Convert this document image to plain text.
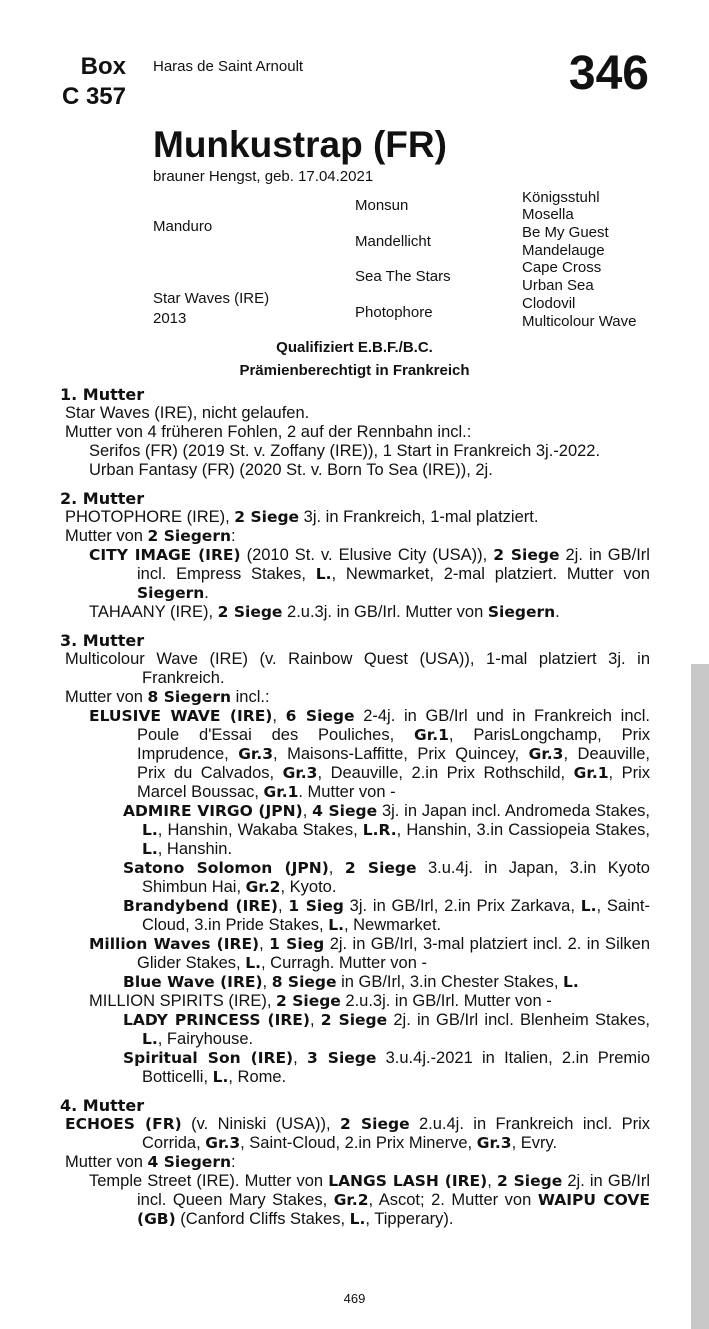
Box
C 357
Haras de Saint Arnoult	346
Munkustrap (FR)
brauner Hengst, geb. 17.04.2021
Manduro
Star Waves (IRE)
2013
Monsun
Mandellicht
Sea The Stars
Photophore
Königsstuhl
Mosella
Be My Guest
Mandelauge
Cape Cross
Urban Sea
Clodovil
Multicolour Wave
Qualifiziert E.B.F./B.C.
Prämienberechtigt in Frankreich
1. Mutter

Star Waves (IRE), nicht gelaufen.

Mutter von 4 früheren Fohlen, 2 auf der Rennbahn incl.:

Serifos (FR) (2019 St. v. Zoffany (IRE)), 1 Start in Frankreich 3j.-2022.

Urban Fantasy (FR) (2020 St. v. Born To Sea (IRE)), 2j.

2. Mutter

PHOTOPHORE (IRE), 2 Siege 3j. in Frankreich, 1-mal platziert.

Mutter von 2 Siegern:

CITY IMAGE (IRE) (2010 St. v. Elusive City (USA)), 2 Siege 2j. in GB/Irl incl. Empress Stakes, L., Newmarket, 2-mal platziert. Mutter von Siegern.

TAHAANY (IRE), 2 Siege 2.u.3j. in GB/Irl. Mutter von Siegern.

3. Mutter

Multicolour Wave (IRE) (v. Rainbow Quest (USA)), 1-mal platziert 3j. in Frankreich.

Mutter von 8 Siegern incl.:

ELUSIVE WAVE (IRE), 6 Siege 2-4j. in GB/Irl und in Frankreich incl. Poule d'Essai des Pouliches, Gr.1, ParisLongchamp, Prix Imprudence, Gr.3, Maisons-Laffitte, Prix Quincey, Gr.3, Deauville, Prix du Calvados, Gr.3, Deauville, 2.in Prix Rothschild, Gr.1, Prix Marcel Boussac, Gr.1. Mutter von -

ADMIRE VIRGO (JPN), 4 Siege 3j. in Japan incl. Andromeda Stakes, L., Hanshin, Wakaba Stakes, L.R., Hanshin, 3.in Cassiopeia Stakes, L., Hanshin.

Satono Solomon (JPN), 2 Siege 3.u.4j. in Japan, 3.in Kyoto Shimbun Hai, Gr.2, Kyoto.

Brandybend (IRE), 1 Sieg 3j. in GB/Irl, 2.in Prix Zarkava, L., Saint-Cloud, 3.in Pride Stakes, L., Newmarket.

Million Waves (IRE), 1 Sieg 2j. in GB/Irl, 3-mal platziert incl. 2. in Silken Glider Stakes, L., Curragh. Mutter von -

Blue Wave (IRE), 8 Siege in GB/Irl, 3.in Chester Stakes, L.

MILLION SPIRITS (IRE), 2 Siege 2.u.3j. in GB/Irl. Mutter von -

LADY PRINCESS (IRE), 2 Siege 2j. in GB/Irl incl. Blenheim Stakes, L., Fairyhouse.

Spiritual Son (IRE), 3 Siege 3.u.4j.-2021 in Italien, 2.in Premio Botticelli, L., Rome.

4. Mutter

ECHOES (FR) (v. Niniski (USA)), 2 Siege 2.u.4j. in Frankreich incl. Prix Corrida, Gr.3, Saint-Cloud, 2.in Prix Minerve, Gr.3, Evry.

Mutter von 4 Siegern:

Temple Street (IRE). Mutter von LANGS LASH (IRE), 2 Siege 2j. in GB/Irl incl. Queen Mary Stakes, Gr.2, Ascot; 2. Mutter von WAIPU COVE (GB) (Canford Cliffs Stakes, L., Tipperary).

469
